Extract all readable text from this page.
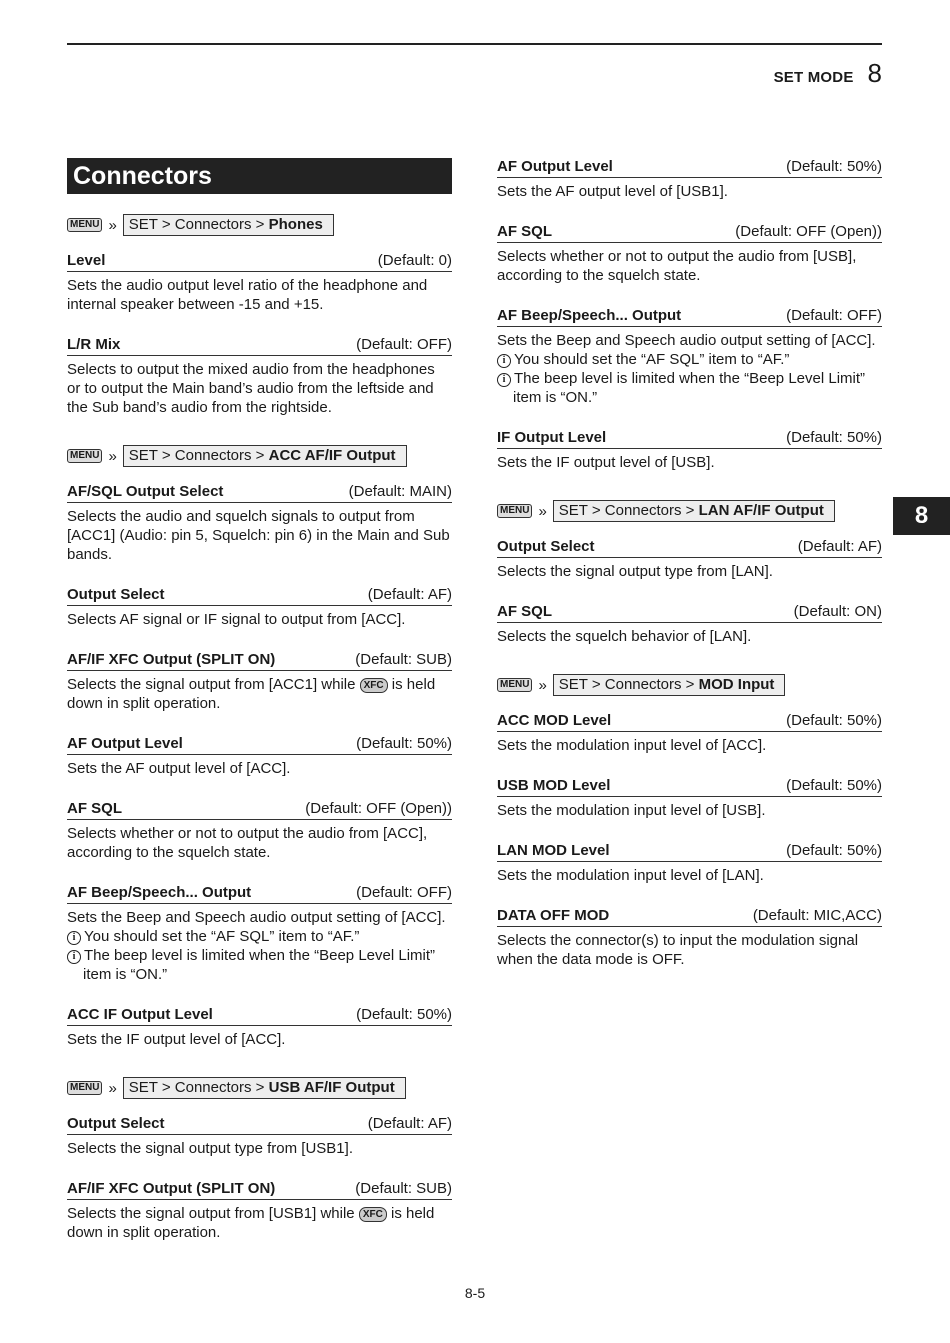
SET MODE 8
8
Connectors
MENU » SET > Connectors > Phones
Level	(Default: 0)

Sets the audio output level ratio of the headphone and internal speaker between -15 and +15.

L/R Mix	(Default: OFF)

Selects to output the mixed audio from the headphones or to output the Main band’s audio from the leftside and the Sub band’s audio from the rightside.

MENU » SET > Connectors > ACC AF/IF Output
AF/SQL Output Select	(Default: MAIN)

Selects the audio and squelch signals to output from [ACC1] (Audio: pin 5, Squelch: pin 6) in the Main and Sub bands.

Output Select	(Default: AF)

Selects AF signal or IF signal to output from [ACC].

AF/IF XFC Output (SPLIT ON)	(Default: SUB)

Selects the signal output from [ACC1] while XFC is held down in split operation.

AF Output Level	(Default: 50%)

Sets the AF output level of [ACC].

AF SQL	(Default: OFF (Open))

Selects whether or not to output the audio from [ACC], according to the squelch state.

AF Beep/Speech... Output	(Default: OFF)

Sets the Beep and Speech audio output setting of [ACC].

i You should set the “AF SQL” item to “AF.”

i The beep level is limited when the “Beep Level Limit” item is “ON.”

ACC IF Output Level	(Default: 50%)

Sets the IF output level of [ACC].

MENU » SET > Connectors > USB AF/IF Output
Output Select	(Default: AF)

Selects the signal output type from [USB1].

AF/IF XFC Output (SPLIT ON)	(Default: SUB)

Selects the signal output from [USB1] while XFC is held down in split operation.

AF Output Level	(Default: 50%)

Sets the AF output level of [USB1].

AF SQL	(Default: OFF (Open))

Selects whether or not to output the audio from [USB], according to the squelch state.

AF Beep/Speech... Output	(Default: OFF)

Sets the Beep and Speech audio output setting of [ACC].

i You should set the “AF SQL” item to “AF.”

i The beep level is limited when the “Beep Level Limit” item is “ON.”

IF Output Level	(Default: 50%)

Sets the IF output level of [USB].

MENU » SET > Connectors > LAN AF/IF Output
Output Select	(Default: AF)

Selects the signal output type from [LAN].

AF SQL	(Default: ON)

Selects the squelch behavior of [LAN].

MENU » SET > Connectors > MOD Input
ACC MOD Level	(Default: 50%)

Sets the modulation input level of [ACC].

USB MOD Level	(Default: 50%)

Sets the modulation input level of [USB].

LAN MOD Level	(Default: 50%)

Sets the modulation input level of [LAN].

DATA OFF MOD	(Default: MIC,ACC)

Selects the connector(s) to input the modulation signal when the data mode is OFF.

8-5
